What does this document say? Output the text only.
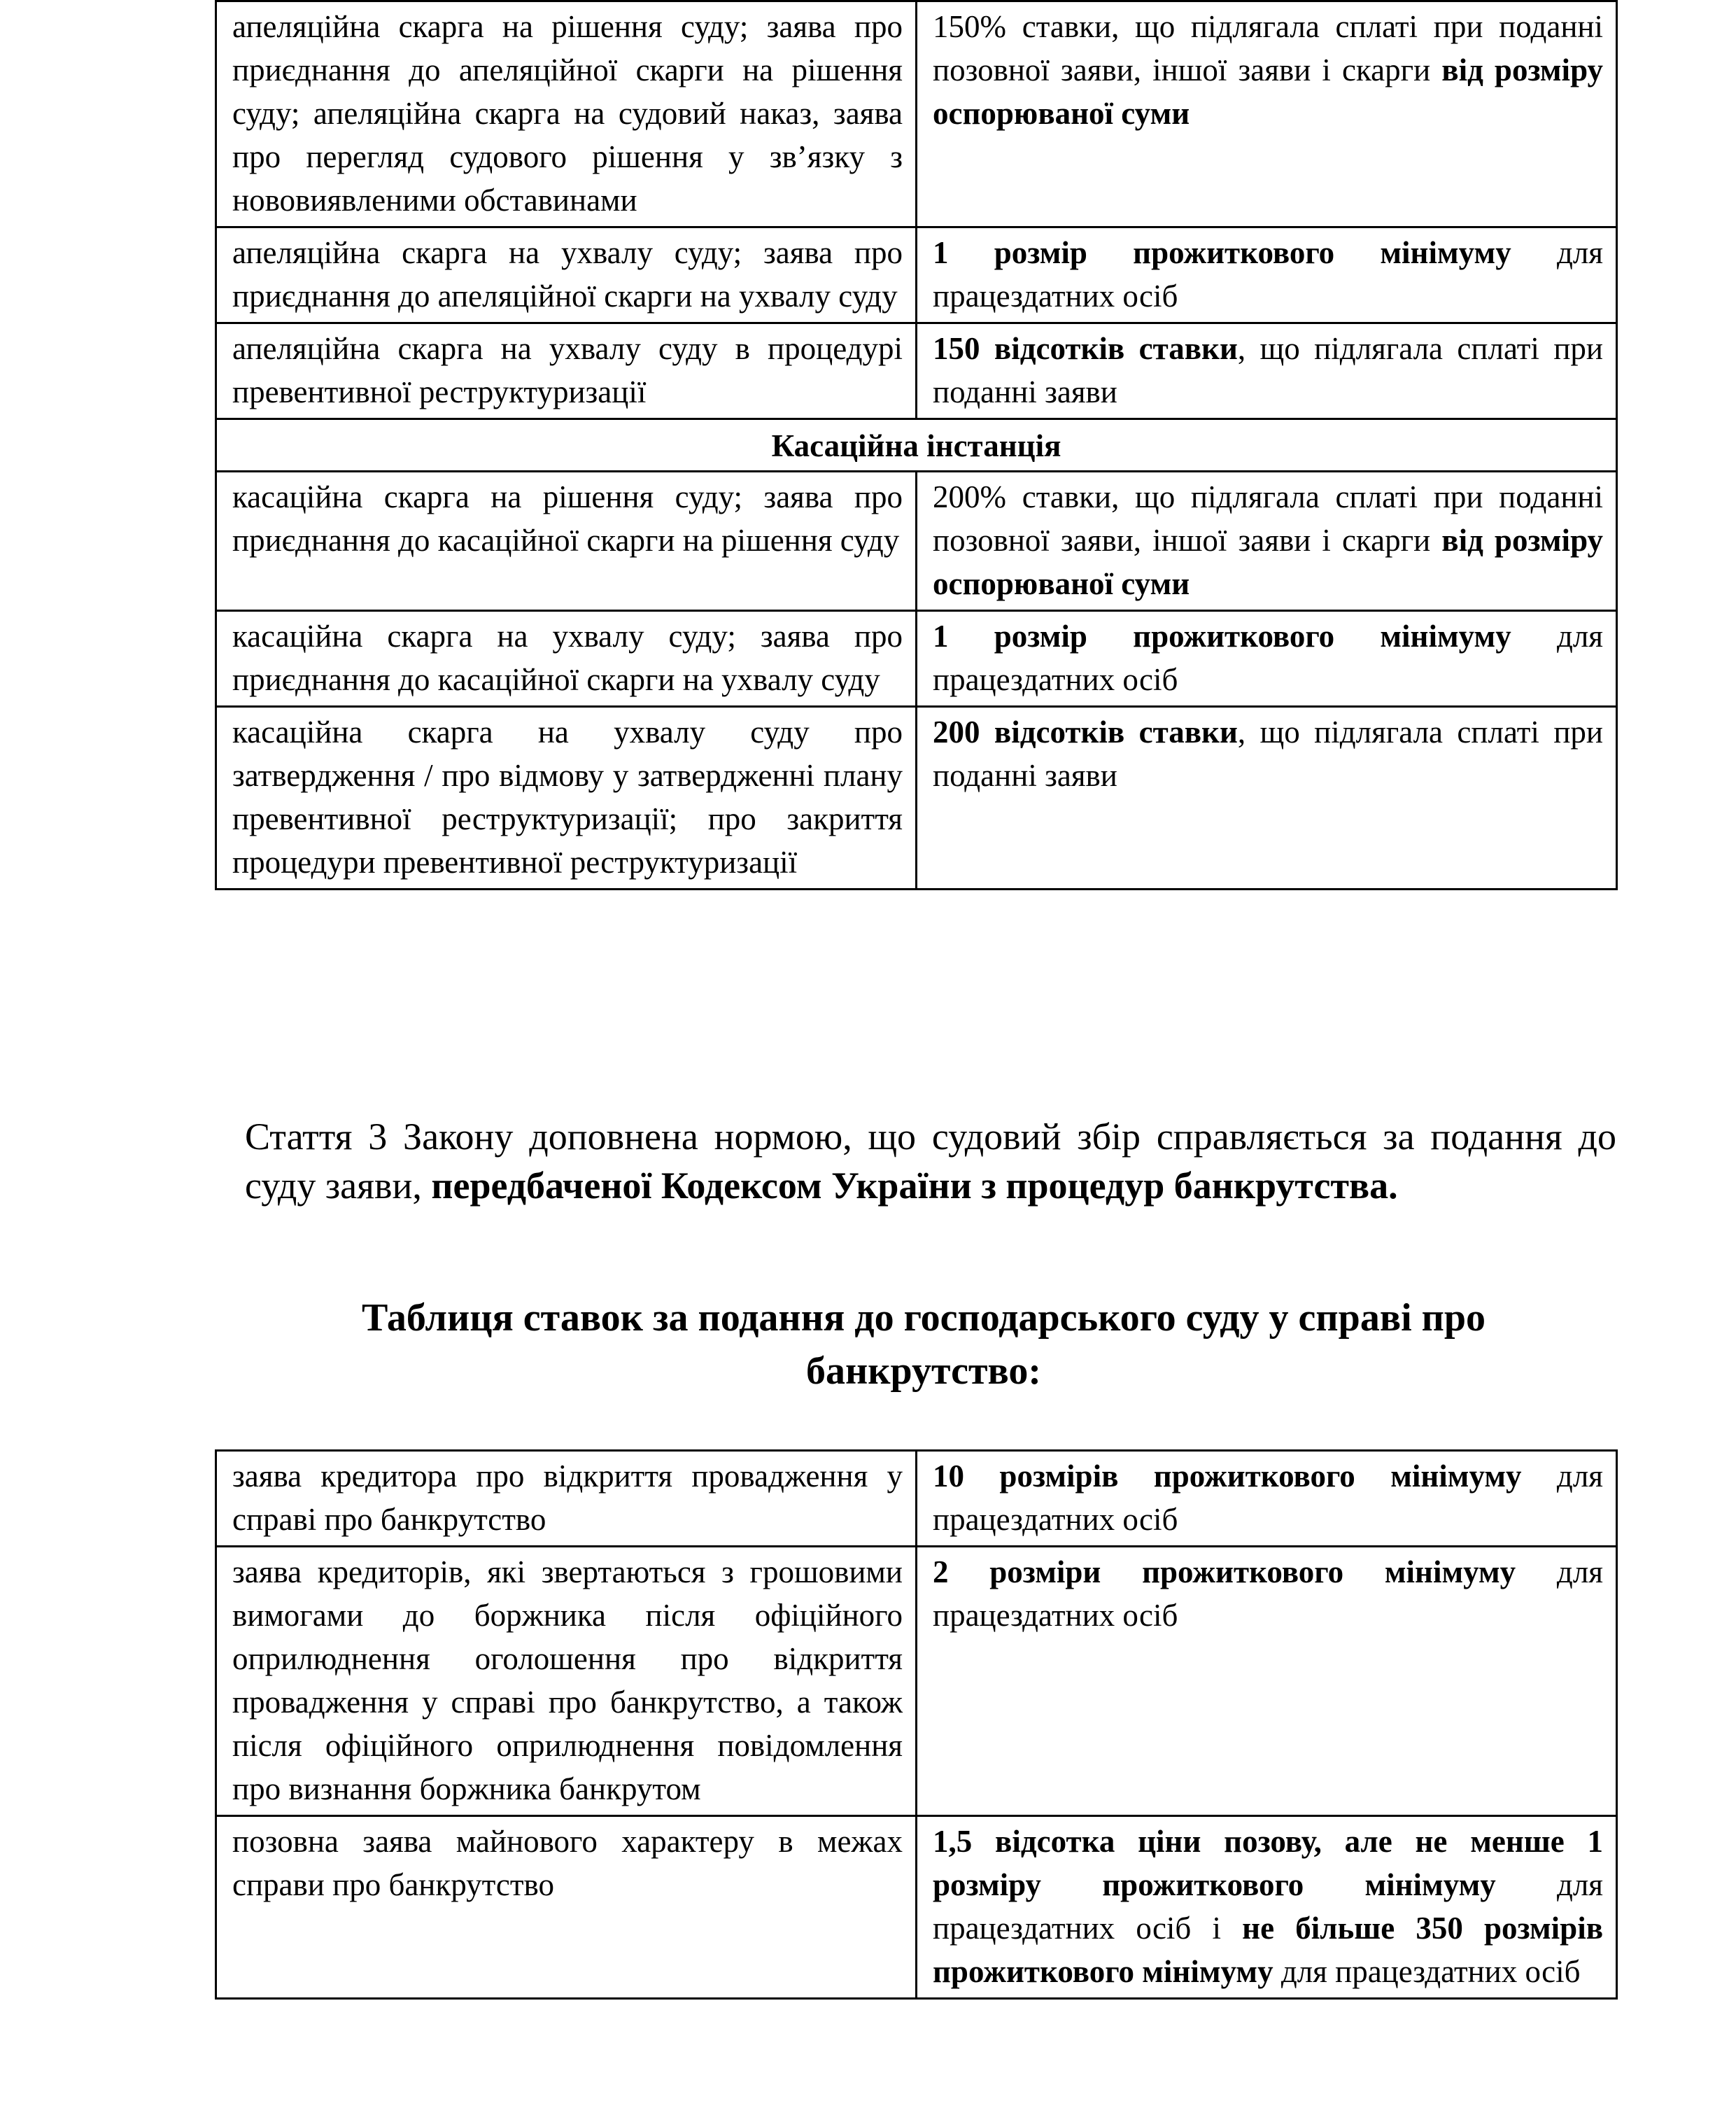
апеляційна скарга на рішення суду; заява про приєднання до апеляційної скарги на рішення суду; апеляційна скарга на судовий наказ, заява про перегляд судового рішення у зв’язку з нововиявленими обставинами	150% ставки, що підлягала сплаті при поданні позовної заяви, іншої заяви і скарги від розміру оспорюваної суми
апеляційна скарга на ухвалу суду; заява про приєднання до апеляційної скарги на ухвалу суду	1 розмір прожиткового мінімуму для працездатних осіб
апеляційна скарга на ухвалу суду в процедурі превентивної реструктуризації	150 відсотків ставки, що підлягала сплаті при поданні заяви
Касаційна інстанція	
касаційна скарга на рішення суду; заява про приєднання до касаційної скарги на рішення суду	200% ставки, що підлягала сплаті при поданні позовної заяви, іншої заяви і скарги від розміру оспорюваної суми
касаційна скарга на ухвалу суду; заява про приєднання до касаційної скарги на ухвалу суду	1 розмір прожиткового мінімуму для працездатних осіб
касаційна скарга на ухвалу суду про затвердження / про відмову у затвердженні плану превентивної реструктуризації; про закриття процедури превентивної реструктуризації	200 відсотків ставки, що підлягала сплаті при поданні заяви

Стаття 3 Закону доповнена нормою, що судовий збір справляється за подання до суду заяви, передбаченої Кодексом України з процедур банкрутства.

Таблиця ставок за подання до господарського суду у справі про
банкрутство:
заява кредитора про відкриття провадження у справі про банкрутство	10 розмірів прожиткового мінімуму для працездатних осіб
заява кредиторів, які звертаються з грошовими вимогами до боржника після офіційного оприлюднення оголошення про відкриття провадження у справі про банкрутство, а також після офіційного оприлюднення повідомлення про визнання боржника банкрутом	2 розміри прожиткового мінімуму для працездатних осіб
позовна заява майнового характеру в межах справи про банкрутство	1,5 відсотка ціни позову, але не менше 1 розміру прожиткового мінімуму для працездатних осіб і не більше 350 розмірів прожиткового мінімуму для працездатних осіб
